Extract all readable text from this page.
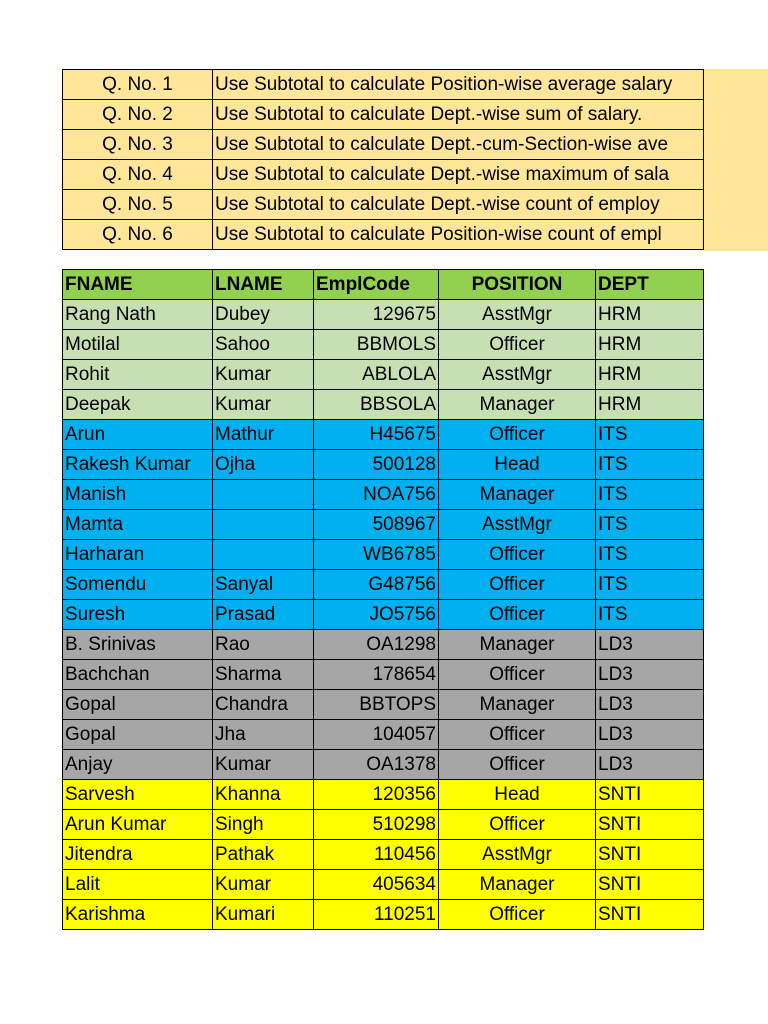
Q. No. 1	Use Subtotal to calculate Position-wise average salary
Q. No. 2	Use Subtotal to calculate Dept.-wise sum of salary.
Q. No. 3	Use Subtotal to calculate Dept.-cum-Section-wise ave
Q. No. 4	Use Subtotal to calculate Dept.-wise maximum of sala
Q. No. 5	Use Subtotal to calculate Dept.-wise count of employ
Q. No. 6	Use Subtotal to calculate Position-wise count of empl
FNAME	LNAME	EmplCode	POSITION	DEPT
Rang Nath	Dubey	129675	AsstMgr	HRM
Motilal	Sahoo	BBMOLS	Officer	HRM
Rohit	Kumar	ABLOLA	AsstMgr	HRM
Deepak	Kumar	BBSOLA	Manager	HRM
Arun	Mathur	H45675	Officer	ITS
Rakesh Kumar	Ojha	500128	Head	ITS
Manish		NOA756	Manager	ITS
Mamta		508967	AsstMgr	ITS
Harharan		WB6785	Officer	ITS
Somendu	Sanyal	G48756	Officer	ITS
Suresh	Prasad	JO5756	Officer	ITS
B. Srinivas	Rao	OA1298	Manager	LD3
Bachchan	Sharma	178654	Officer	LD3
Gopal	Chandra	BBTOPS	Manager	LD3
Gopal	Jha	104057	Officer	LD3
Anjay	Kumar	OA1378	Officer	LD3
Sarvesh	Khanna	120356	Head	SNTI
Arun Kumar	Singh	510298	Officer	SNTI
Jitendra	Pathak	110456	AsstMgr	SNTI
Lalit	Kumar	405634	Manager	SNTI
Karishma	Kumari	110251	Officer	SNTI
